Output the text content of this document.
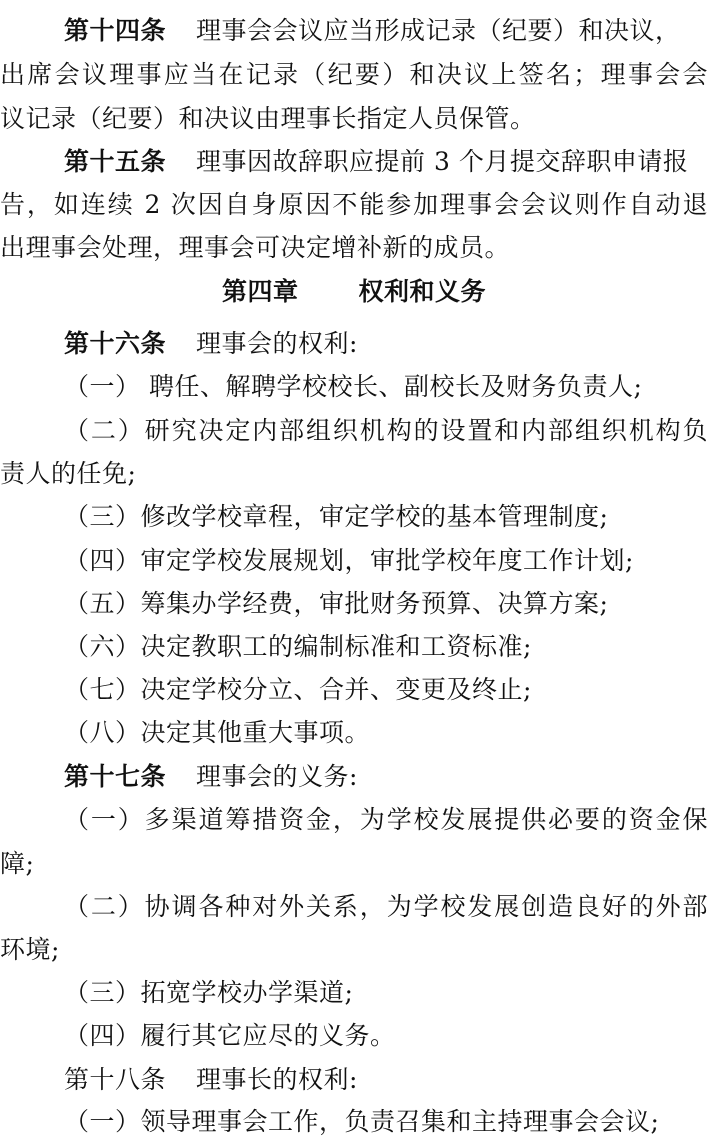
第十四条 理事会会议应当形成记录（纪要）和决议，
出席会议理事应当在记录（纪要）和决议上签名；理事会会
议记录（纪要）和决议由理事长指定人员保管。
第十五条 理事因故辞职应提前 3 个月提交辞职申请报
告，如连续 2 次因自身原因不能参加理事会会议则作自动退
出理事会处理，理事会可决定增补新的成员。
第四章 权利和义务
第十六条 理事会的权利:
（一） 聘任、解聘学校校长、副校长及财务负责人;
（二）研究决定内部组织机构的设置和内部组织机构负
责人的任免;
（三）修改学校章程，审定学校的基本管理制度;
（四）审定学校发展规划，审批学校年度工作计划;
（五）筹集办学经费，审批财务预算、决算方案;
（六）决定教职工的编制标准和工资标准;
（七）决定学校分立、合并、变更及终止;
（八）决定其他重大事项。
第十七条 理事会的义务:
（一）多渠道筹措资金，为学校发展提供必要的资金保
障;
（二）协调各种对外关系，为学校发展创造良好的外部
环境;
（三）拓宽学校办学渠道;
（四）履行其它应尽的义务。
第十八条 理事长的权利:
（一）领导理事会工作，负责召集和主持理事会会议;
